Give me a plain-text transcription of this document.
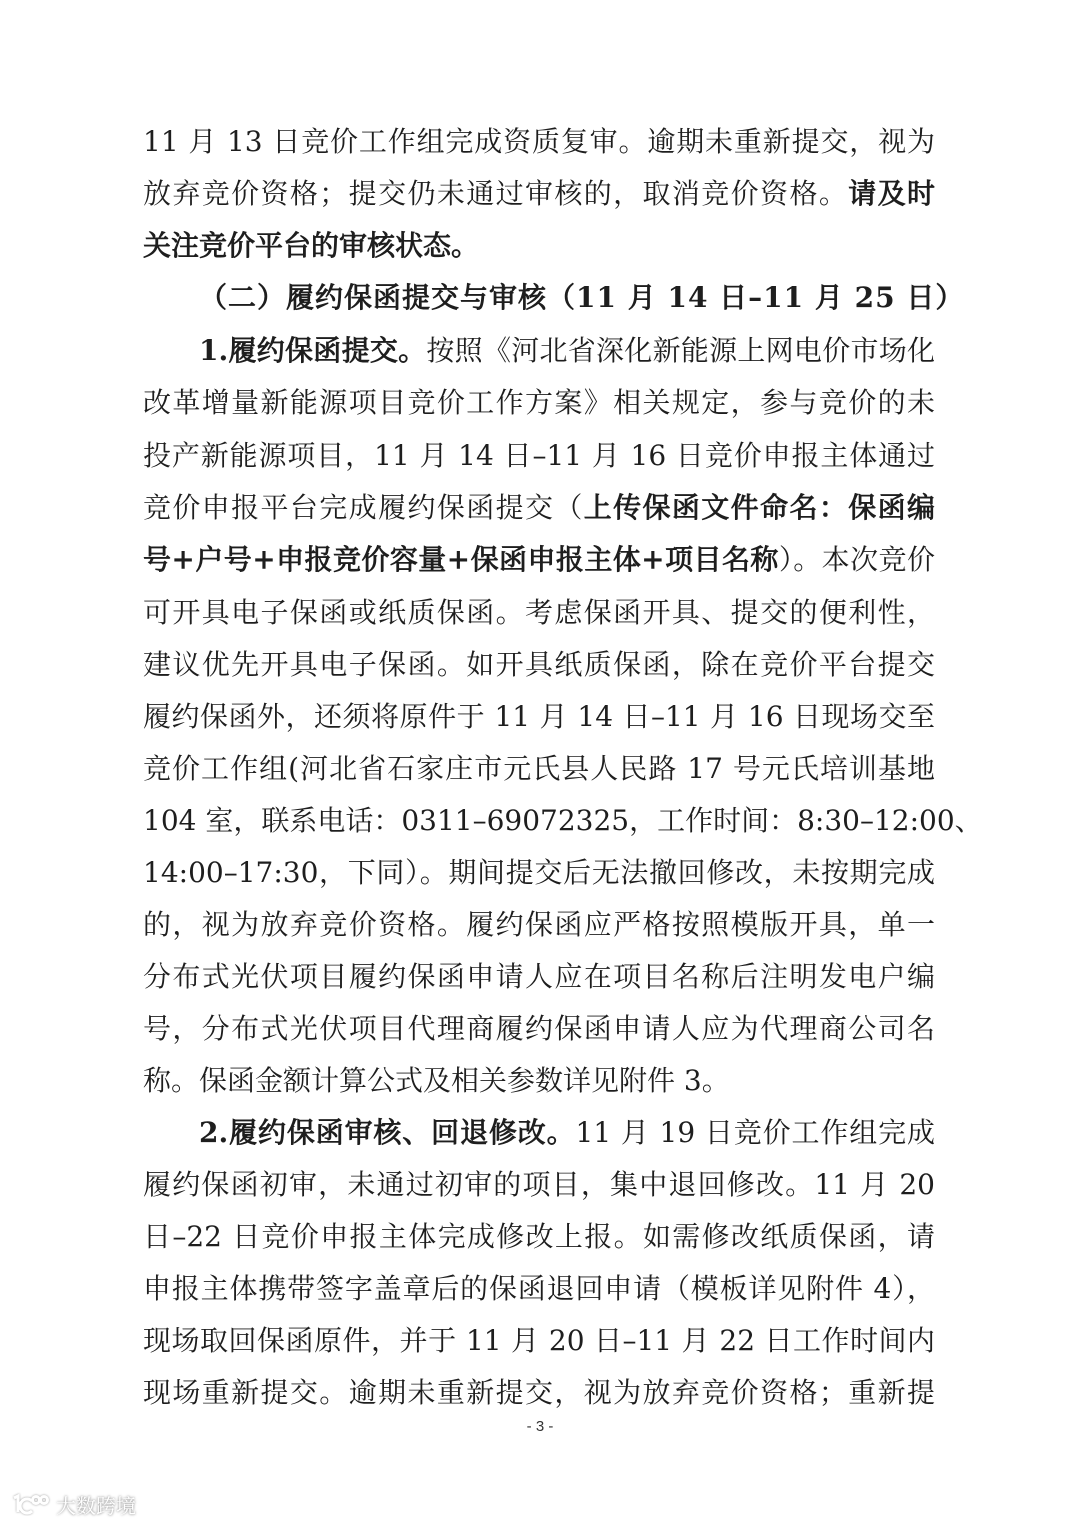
11 月 13 日竞价工作组完成资质复审。逾期未重新提交，视为
放弃竞价资格；提交仍未通过审核的，取消竞价资格。请及时
关注竞价平台的审核状态。
（二）履约保函提交与审核（11 月 14 日–11 月 25 日）
1.履约保函提交。按照《河北省深化新能源上网电价市场化
改革增量新能源项目竞价工作方案》相关规定，参与竞价的未
投产新能源项目，11 月 14 日–11 月 16 日竞价申报主体通过
竞价申报平台完成履约保函提交（上传保函文件命名：保函编
号+户号+申报竞价容量+保函申报主体+项目名称）。本次竞价
可开具电子保函或纸质保函。考虑保函开具、提交的便利性，
建议优先开具电子保函。如开具纸质保函，除在竞价平台提交
履约保函外，还须将原件于 11 月 14 日–11 月 16 日现场交至
竞价工作组(河北省石家庄市元氏县人民路 17 号元氏培训基地
104 室，联系电话：0311–69072325，工作时间：8:30–12:00、
14:00–17:30，下同）。期间提交后无法撤回修改，未按期完成
的，视为放弃竞价资格。履约保函应严格按照模版开具，单一
分布式光伏项目履约保函申请人应在项目名称后注明发电户编
号，分布式光伏项目代理商履约保函申请人应为代理商公司名
称。保函金额计算公式及相关参数详见附件 3。
2.履约保函审核、回退修改。11 月 19 日竞价工作组完成
履约保函初审，未通过初审的项目，集中退回修改。11 月 20
日–22 日竞价申报主体完成修改上报。如需修改纸质保函，请
申报主体携带签字盖章后的保函退回申请（模板详见附件 4），
现场取回保函原件，并于 11 月 20 日–11 月 22 日工作时间内
现场重新提交。逾期未重新提交，视为放弃竞价资格；重新提
- 3 -
大数跨境
